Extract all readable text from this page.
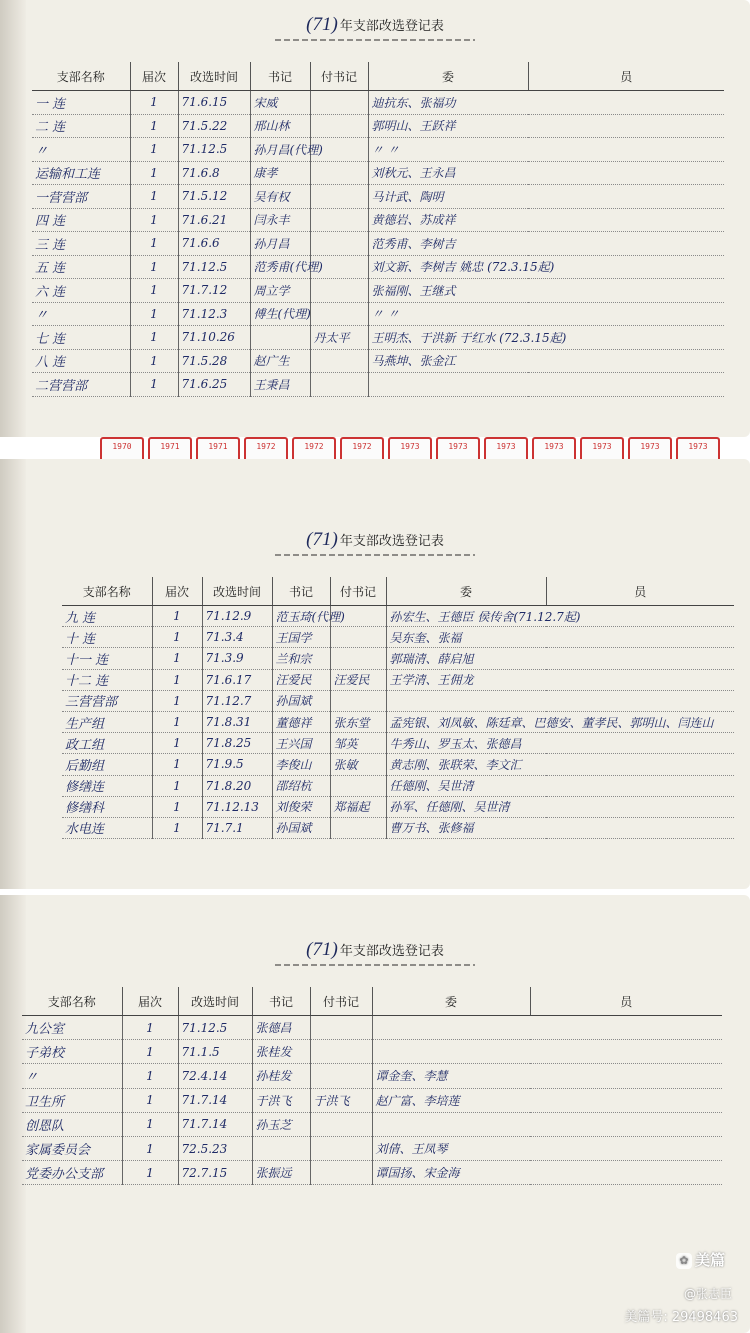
(71) 年支部改选登记表
支部名称	届次	改选时间	书记	付书记	委	员
一 连	1	71.6.15	宋威		迪抗东、张福功	
二 连	1	71.5.22	邢山林		郭明山、王跃祥	
〃	1	71.12.5	孙月昌(代理)		〃 〃	
运输和工连	1	71.6.8	康孝		刘秋元、王永昌	
一营营部	1	71.5.12	吴有权		马计武、陶明	
四 连	1	71.6.21	闫永丰		黄德岩、苏成祥	
三 连	1	71.6.6	孙月昌		范秀甫、李树吉	
五 连	1	71.12.5	范秀甫(代理)		刘文新、李树吉 姚忠 (72.3.15起)	
六 连	1	71.7.12	周立学		张福刚、王继式	
〃	1	71.12.3	傅生(代理)		〃 〃	
七 连	1	71.10.26		丹太平	王明杰、于洪新 于红水 (72.3.15起)	
八 连	1	71.5.28	赵广生		马燕坤、张金江	
二营营部	1	71.6.25	王秉昌			
1970	1971	1971	1972	1972	1972	1973	1973	1973	1973	1973	1973	1973
(71) 年支部改选登记表
支部名称	届次	改选时间	书记	付书记	委	员
九 连	1	71.12.9	范玉琦(代理)		孙宏生、王德臣 侯传舍(71.12.7起)	
十 连	1	71.3.4	王国学		吴东奎、张福	
十一 连	1	71.3.9	兰和宗		郭瑞清、薛启旭	
十二 连	1	71.6.17	汪爱民	汪爱民	王学清、王佣龙	
三营营部	1	71.12.7	孙国斌			
生产组	1	71.8.31	董德祥	张东堂	孟宪银、刘凤敏、陈廷章、巴德安、董孝民、郭明山、闫连山	
政工组	1	71.8.25	王兴国	邹英	牛秀山、罗玉太、张德昌	
后勤组	1	71.9.5	李俊山	张敏	黄志刚、张联荣、李文汇	
修缮连	1	71.8.20	邵绍杭		任德刚、吴世清	
修缮科	1	71.12.13	刘俊荣	郑福起	孙军、任德刚、吴世清	
水电连	1	71.7.1	孙国斌		曹万书、张修福	
(71) 年支部改选登记表
支部名称	届次	改选时间	书记	付书记	委	员
九公室	1	71.12.5	张德昌			
子弟校	1	71.1.5	张桂发			
〃	1	72.4.14	孙桂发		谭金奎、李慧	
卫生所	1	71.7.14	于洪飞	于洪飞	赵广富、李培莲	
创恩队	1	71.7.14	孙玉芝			
家属委员会	1	72.5.23			刘倩、王凤琴	
党委办公支部	1	72.7.15	张振远		谭国扬、宋金海	
✿ 美篇
@张志臣
美篇号: 29498463
